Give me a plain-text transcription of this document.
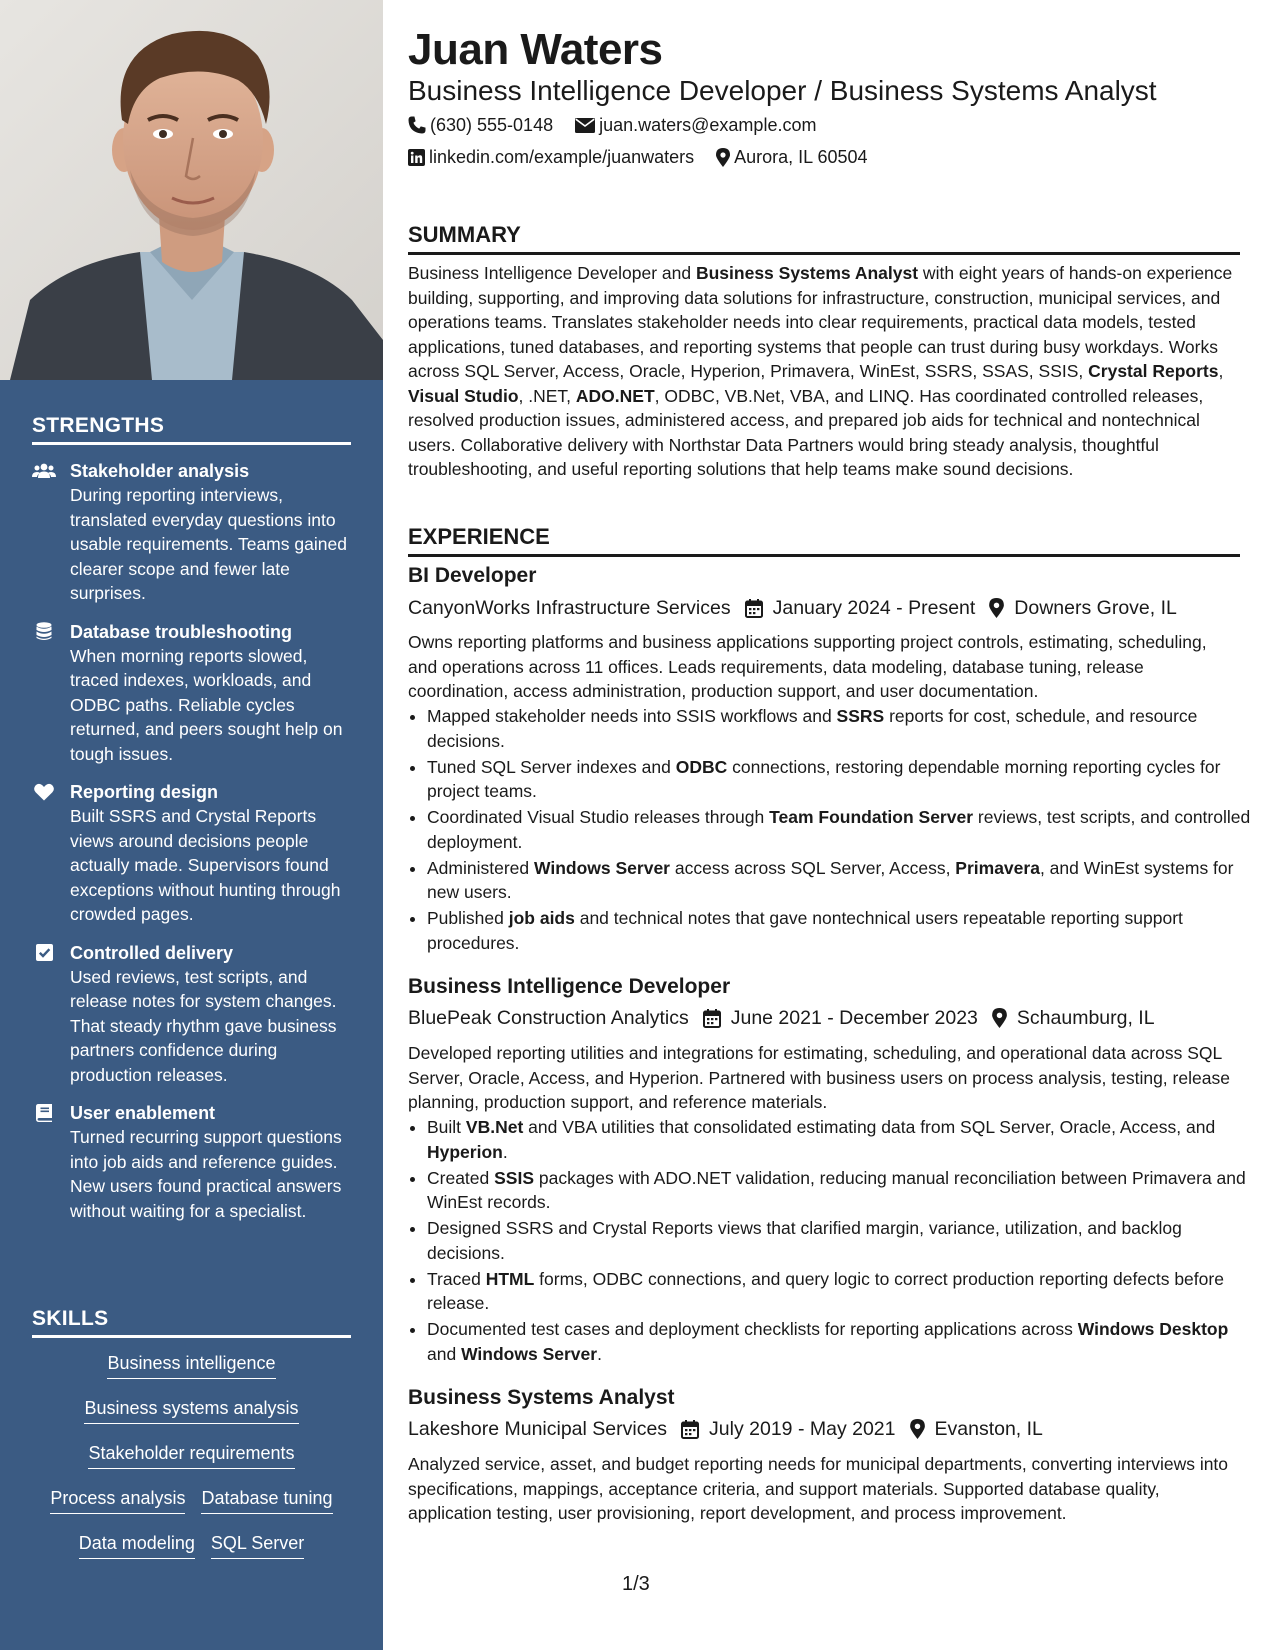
STRENGTHS
Stakeholder analysis
During reporting interviews, translated everyday questions into usable requirements. Teams gained clearer scope and fewer late surprises.
Database troubleshooting
When morning reports slowed, traced indexes, workloads, and ODBC paths. Reliable cycles returned, and peers sought help on tough issues.
Reporting design
Built SSRS and Crystal Reports views around decisions people actually made. Supervisors found exceptions without hunting through crowded pages.
Controlled delivery
Used reviews, test scripts, and release notes for system changes. That steady rhythm gave business partners confidence during production releases.
User enablement
Turned recurring support questions into job aids and reference guides. New users found practical answers without waiting for a specialist.
SKILLS
Business intelligence
Business systems analysis
Stakeholder requirements
Process analysis Database tuning
Data modeling SQL Server
Juan Waters
Business Intelligence Developer / Business Systems Analyst
(630) 555-0148	juan.waters@example.com
linkedin.com/example/juanwaters Aurora, IL 60504
SUMMARY
Business Intelligence Developer and Business Systems Analyst with eight years of hands-on experience building, supporting, and improving data solutions for infrastructure, construction, municipal services, and operations teams. Translates stakeholder needs into clear requirements, practical data models, tested applications, tuned databases, and reporting systems that people can trust during busy workdays. Works across SQL Server, Access, Oracle, Hyperion, Primavera, WinEst, SSRS, SSAS, SSIS, Crystal Reports, Visual Studio, .NET, ADO.NET, ODBC, VB.Net, VBA, and LINQ. Has coordinated controlled releases, resolved production issues, administered access, and prepared job aids for technical and nontechnical users. Collaborative delivery with Northstar Data Partners would bring steady analysis, thoughtful troubleshooting, and useful reporting solutions that help teams make sound decisions.
EXPERIENCE
BI Developer
CanyonWorks Infrastructure Services January 2024 - Present Downers Grove, IL
Owns reporting platforms and business applications supporting project controls, estimating, scheduling, and operations across 11 offices. Leads requirements, data modeling, database tuning, release coordination, access administration, production support, and user documentation.
• Mapped stakeholder needs into SSIS workflows and SSRS reports for cost, schedule, and resource decisions.
• Tuned SQL Server indexes and ODBC connections, restoring dependable morning reporting cycles for project teams.
• Coordinated Visual Studio releases through Team Foundation Server reviews, test scripts, and controlled deployment.
• Administered Windows Server access across SQL Server, Access, Primavera, and WinEst systems for new users.
• Published job aids and technical notes that gave nontechnical users repeatable reporting support procedures.
Business Intelligence Developer
BluePeak Construction Analytics June 2021 - December 2023 Schaumburg, IL
Developed reporting utilities and integrations for estimating, scheduling, and operational data across SQL Server, Oracle, Access, and Hyperion. Partnered with business users on process analysis, testing, release planning, production support, and reference materials.
• Built VB.Net and VBA utilities that consolidated estimating data from SQL Server, Oracle, Access, and Hyperion.
• Created SSIS packages with ADO.NET validation, reducing manual reconciliation between Primavera and WinEst records.
• Designed SSRS and Crystal Reports views that clarified margin, variance, utilization, and backlog decisions.
• Traced HTML forms, ODBC connections, and query logic to correct production reporting defects before release.
• Documented test cases and deployment checklists for reporting applications across Windows Desktop and Windows Server.
Business Systems Analyst
Lakeshore Municipal Services July 2019 - May 2021 Evanston, IL
Analyzed service, asset, and budget reporting needs for municipal departments, converting interviews into specifications, mappings, acceptance criteria, and support materials. Supported database quality, application testing, user provisioning, report development, and process improvement.
1/3
